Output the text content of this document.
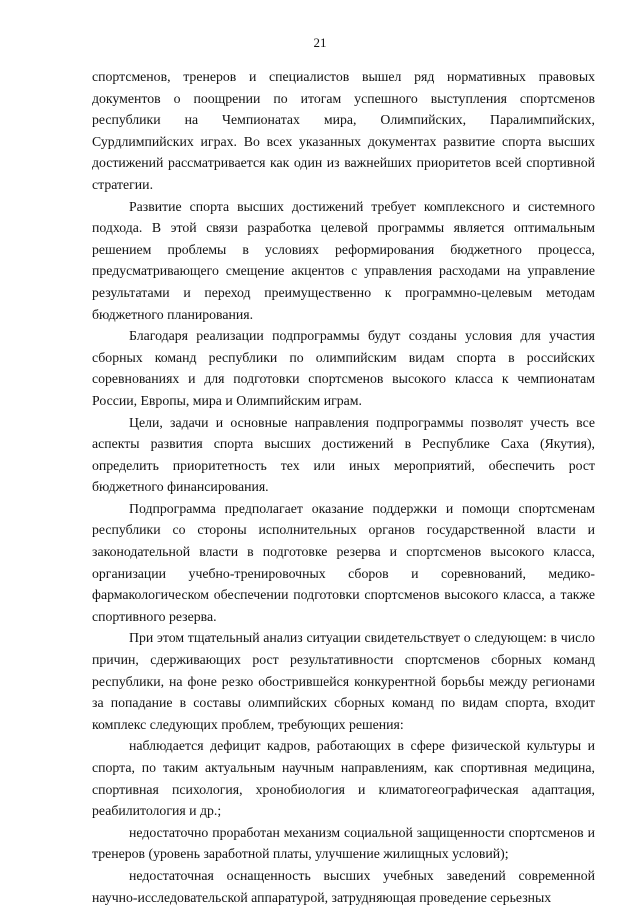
21

спортсменов, тренеров и специалистов вышел ряд нормативных правовых документов о поощрении по итогам успешного выступления спортсменов республики на Чемпионатах мира, Олимпийских, Паралимпийских, Сурдлимпийских играх. Во всех указанных документах развитие спорта высших достижений рассматривается как один из важнейших приоритетов всей спортивной стратегии.

Развитие спорта высших достижений требует комплексного и системного подхода. В этой связи разработка целевой программы является оптимальным решением проблемы в условиях реформирования бюджетного процесса, предусматривающего смещение акцентов с управления расходами на управление результатами и переход преимущественно к программно-целевым методам бюджетного планирования.

Благодаря реализации подпрограммы будут созданы условия для участия сборных команд республики по олимпийским видам спорта в российских соревнованиях и для подготовки спортсменов высокого класса к чемпионатам России, Европы, мира и Олимпийским играм.

Цели, задачи и основные направления подпрограммы позволят учесть все аспекты развития спорта высших достижений в Республике Саха (Якутия), определить приоритетность тех или иных мероприятий, обеспечить рост бюджетного финансирования.

Подпрограмма предполагает оказание поддержки и помощи спортсменам республики со стороны исполнительных органов государственной власти и законодательной власти в подготовке резерва и спортсменов высокого класса, организации учебно-тренировочных сборов и соревнований, медико-фармакологическом обеспечении подготовки спортсменов высокого класса, а также спортивного резерва.

При этом тщательный анализ ситуации свидетельствует о следующем: в число причин, сдерживающих рост результативности спортсменов сборных команд республики, на фоне резко обострившейся конкурентной борьбы между регионами за попадание в составы олимпийских сборных команд по видам спорта, входит комплекс следующих проблем, требующих решения:

наблюдается дефицит кадров, работающих в сфере физической культуры и спорта, по таким актуальным научным направлениям, как спортивная медицина, спортивная психология, хронобиология и климатогеографическая адаптация, реабилитология и др.;

недостаточно проработан механизм социальной защищенности спортсменов и тренеров (уровень заработной платы, улучшение жилищных условий);

недостаточная оснащенность высших учебных заведений современной научно-исследовательской аппаратурой, затрудняющая проведение серьезных
